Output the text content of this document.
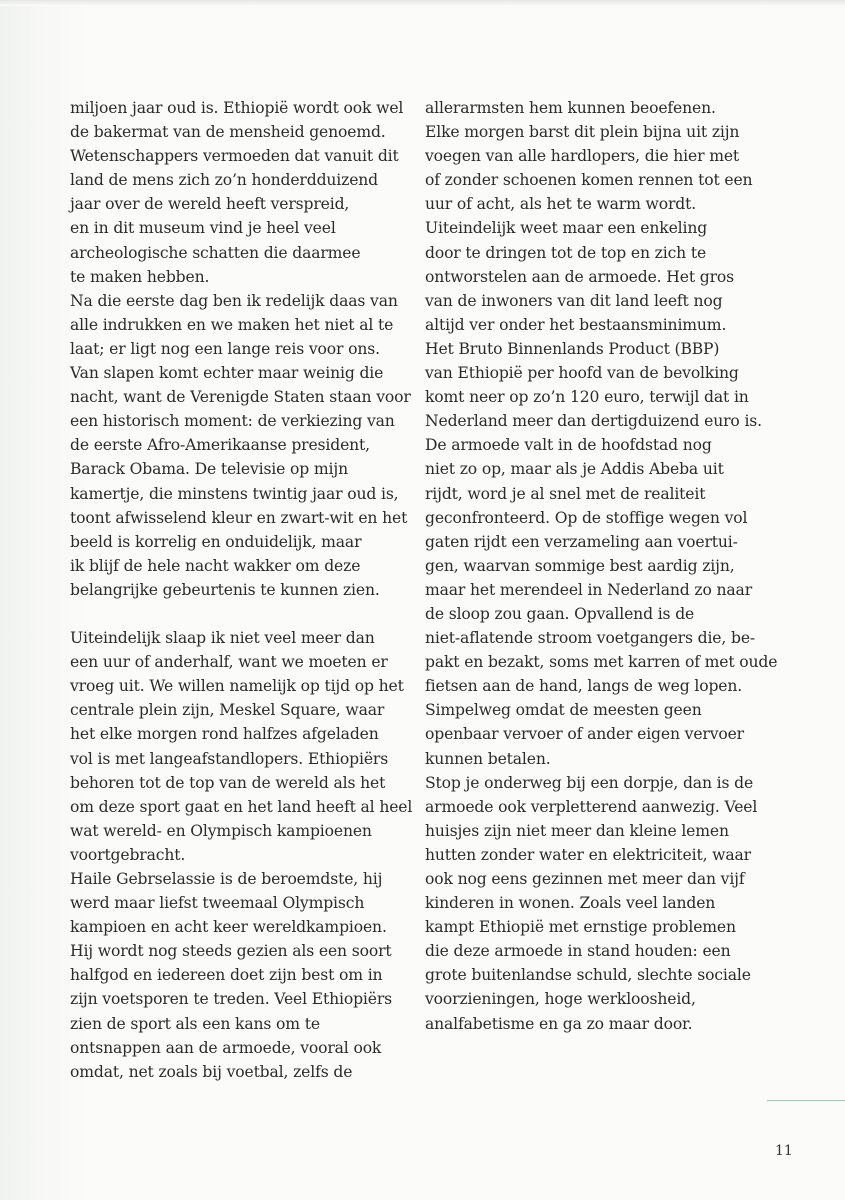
miljoen jaar oud is. Ethiopië wordt ook wel
de bakermat van de mensheid genoemd.
Wetenschappers vermoeden dat vanuit dit
land de mens zich zo’n honderdduizend
jaar over de wereld heeft verspreid,
en in dit museum vind je heel veel
archeologische schatten die daarmee
te maken hebben.
Na die eerste dag ben ik redelijk daas van
alle indrukken en we maken het niet al te
laat; er ligt nog een lange reis voor ons.
Van slapen komt echter maar weinig die
nacht, want de Verenigde Staten staan voor
een historisch moment: de verkiezing van
de eerste Afro-Amerikaanse president,
Barack Obama. De televisie op mijn
kamertje, die minstens twintig jaar oud is,
toont afwisselend kleur en zwart-wit en het
beeld is korrelig en onduidelijk, maar
ik blijf de hele nacht wakker om deze
belangrijke gebeurtenis te kunnen zien.
Uiteindelijk slaap ik niet veel meer dan
een uur of anderhalf, want we moeten er
vroeg uit. We willen namelijk op tijd op het
centrale plein zijn, Meskel Square, waar
het elke morgen rond halfzes afgeladen
vol is met langeafstandlopers. Ethiopiërs
behoren tot de top van de wereld als het
om deze sport gaat en het land heeft al heel
wat wereld- en Olympisch kampioenen
voortgebracht.
Haile Gebrselassie is de beroemdste, hij
werd maar liefst tweemaal Olympisch
kampioen en acht keer wereldkampioen.
Hij wordt nog steeds gezien als een soort
halfgod en iedereen doet zijn best om in
zijn voetsporen te treden. Veel Ethiopiërs
zien de sport als een kans om te
ontsnappen aan de armoede, vooral ook
omdat, net zoals bij voetbal, zelfs de
allerarmsten hem kunnen beoefenen.
Elke morgen barst dit plein bijna uit zijn
voegen van alle hardlopers, die hier met
of zonder schoenen komen rennen tot een
uur of acht, als het te warm wordt.
Uiteindelijk weet maar een enkeling
door te dringen tot de top en zich te
ontworstelen aan de armoede. Het gros
van de inwoners van dit land leeft nog
altijd ver onder het bestaansminimum.
Het Bruto Binnenlands Product (BBP)
van Ethiopië per hoofd van de bevolking
komt neer op zo’n 120 euro, terwijl dat in
Nederland meer dan dertigduizend euro is.
De armoede valt in de hoofdstad nog
niet zo op, maar als je Addis Abeba uit
rijdt, word je al snel met de realiteit
geconfronteerd. Op de stoffige wegen vol
gaten rijdt een verzameling aan voertui-
gen, waarvan sommige best aardig zijn,
maar het merendeel in Nederland zo naar
de sloop zou gaan. Opvallend is de
niet-aflatende stroom voetgangers die, be-
pakt en bezakt, soms met karren of met oude
fietsen aan de hand, langs de weg lopen.
Simpelweg omdat de meesten geen
openbaar vervoer of ander eigen vervoer
kunnen betalen.
Stop je onderweg bij een dorpje, dan is de
armoede ook verpletterend aanwezig. Veel
huisjes zijn niet meer dan kleine lemen
hutten zonder water en elektriciteit, waar
ook nog eens gezinnen met meer dan vijf
kinderen in wonen. Zoals veel landen
kampt Ethiopië met ernstige problemen
die deze armoede in stand houden: een
grote buitenlandse schuld, slechte sociale
voorzieningen, hoge werkloosheid,
analfabetisme en ga zo maar door.
11
